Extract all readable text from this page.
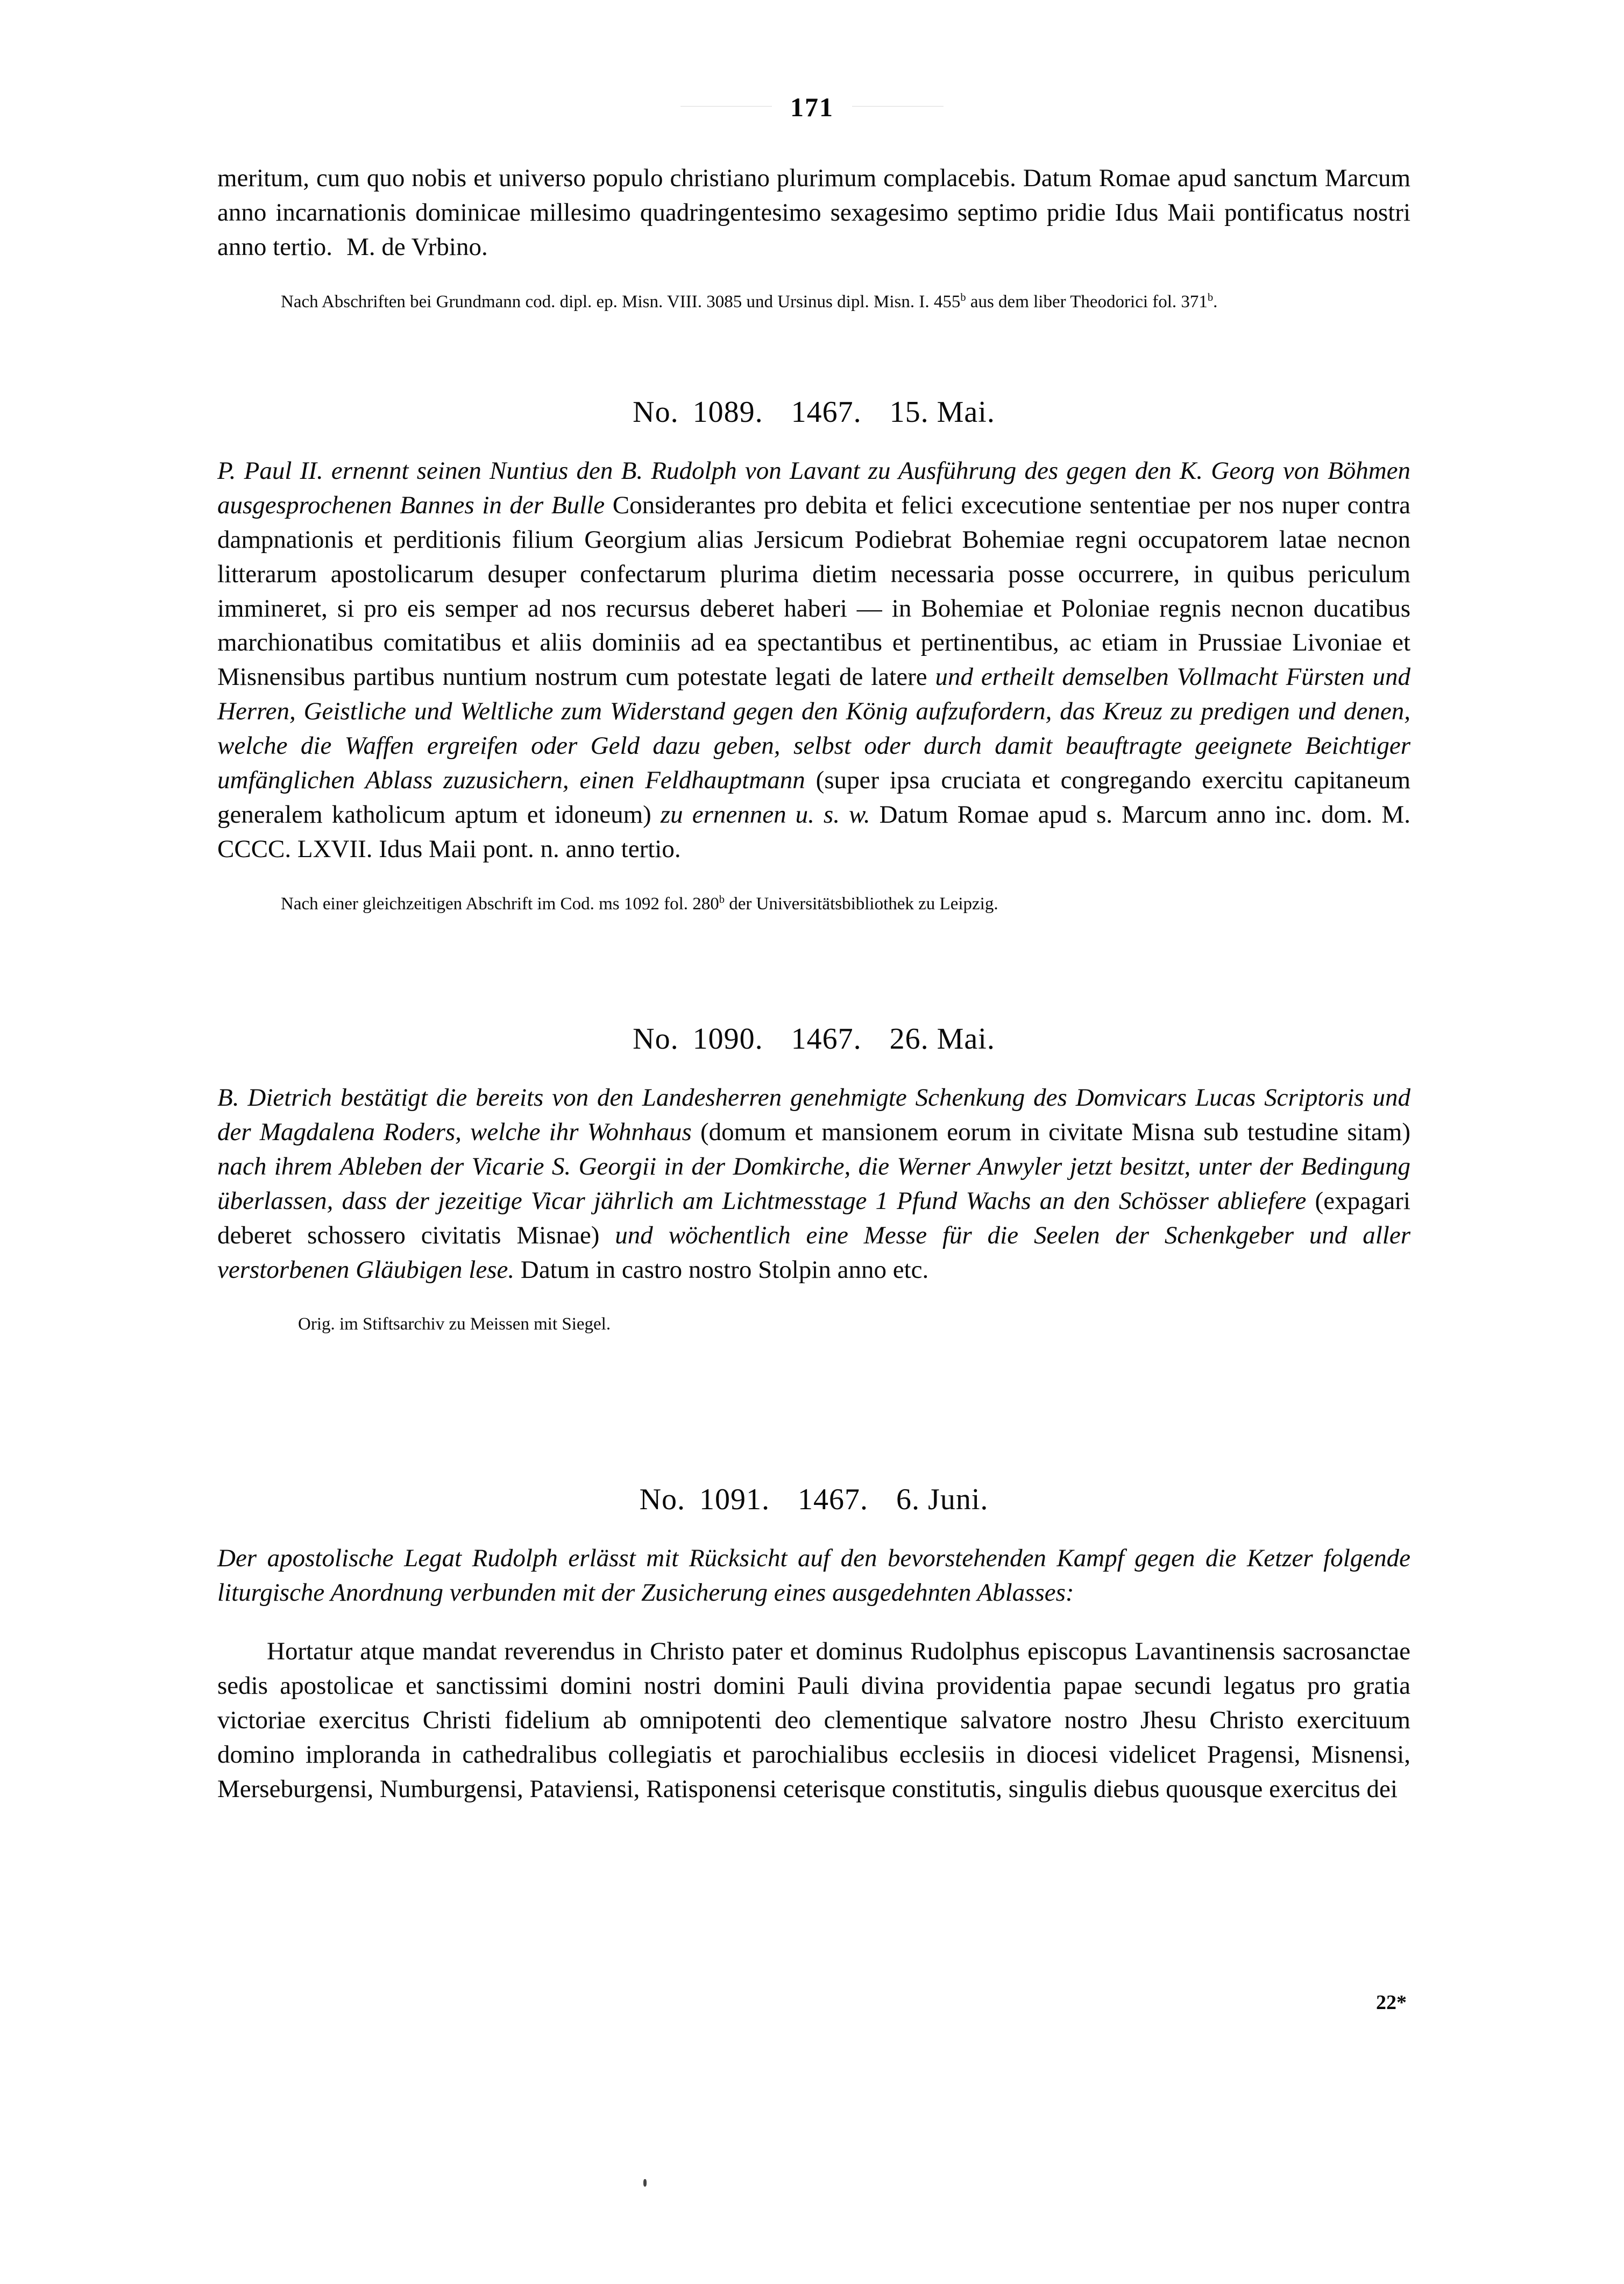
171

meritum, cum quo nobis et universo populo christiano plurimum complacebis. Datum Romae apud sanctum Marcum anno incarnationis dominicae millesimo quadringentesimo sexagesimo septimo pridie Idus Maii pontificatus nostri anno tertio. M. de Vrbino.

Nach Abschriften bei Grundmann cod. dipl. ep. Misn. VIII. 3085 und Ursinus dipl. Misn. I. 455$^b$ aus dem liber Theodorici fol. 371$^b$.

No. 1089. 1467. 15. Mai.

P. Paul II. ernennt seinen Nuntius den B. Rudolph von Lavant zu Ausführung des gegen den K. Georg von Böhmen ausgesprochenen Bannes in der Bulle Considerantes pro debita et felici excecutione sententiae per nos nuper contra dampnationis et perditionis filium Georgium alias Jersicum Podiebrat Bohemiae regni occupatorem latae necnon litterarum apostolicarum desuper confectarum plurima dietim necessaria posse occurrere, in quibus periculum immineret, si pro eis semper ad nos recursus deberet haberi — in Bohemiae et Poloniae regnis necnon ducatibus marchionatibus comitatibus et aliis dominiis ad ea spectantibus et pertinentibus, ac etiam in Prussiae Livoniae et Misnensibus partibus nuntium nostrum cum potestate legati de latere und ertheilt demselben Vollmacht Fürsten und Herren, Geistliche und Weltliche zum Widerstand gegen den König aufzufordern, das Kreuz zu predigen und denen, welche die Waffen ergreifen oder Geld dazu geben, selbst oder durch damit beauftragte geeignete Beichtiger umfänglichen Ablass zuzusichern, einen Feldhauptmann (super ipsa cruciata et congregando exercitu capitaneum generalem katholicum aptum et idoneum) zu ernennen u. s. w. Datum Romae apud s. Marcum anno inc. dom. M. CCCC. LXVII. Idus Maii pont. n. anno tertio.

Nach einer gleichzeitigen Abschrift im Cod. ms 1092 fol. 280$^b$ der Universitätsbibliothek zu Leipzig.

No. 1090. 1467. 26. Mai.

B. Dietrich bestätigt die bereits von den Landesherren genehmigte Schenkung des Domvicars Lucas Scriptoris und der Magdalena Roders, welche ihr Wohnhaus (domum et mansionem eorum in civitate Misna sub testudine sitam) nach ihrem Ableben der Vicarie S. Georgii in der Domkirche, die Werner Anwyler jetzt besitzt, unter der Bedingung überlassen, dass der jezeitige Vicar jährlich am Lichtmesstage 1 Pfund Wachs an den Schösser abliefere (expagari deberet schossero civitatis Misnae) und wöchentlich eine Messe für die Seelen der Schenkgeber und aller verstorbenen Gläubigen lese. Datum in castro nostro Stolpin anno etc.

Orig. im Stiftsarchiv zu Meissen mit Siegel.

No. 1091. 1467. 6. Juni.

Der apostolische Legat Rudolph erlässt mit Rücksicht auf den bevorstehenden Kampf gegen die Ketzer folgende liturgische Anordnung verbunden mit der Zusicherung eines ausgedehnten Ablasses:

Hortatur atque mandat reverendus in Christo pater et dominus Rudolphus episcopus Lavantinensis sacrosanctae sedis apostolicae et sanctissimi domini nostri domini Pauli divina providentia papae secundi legatus pro gratia victoriae exercitus Christi fidelium ab omnipotenti deo clementique salvatore nostro Jhesu Christo exercituum domino imploranda in cathedralibus collegiatis et parochialibus ecclesiis in diocesi videlicet Pragensi, Misnensi, Merseburgensi, Numburgensi, Pataviensi, Ratisponensi ceterisque constitutis, singulis diebus quousque exercitus dei

22*
